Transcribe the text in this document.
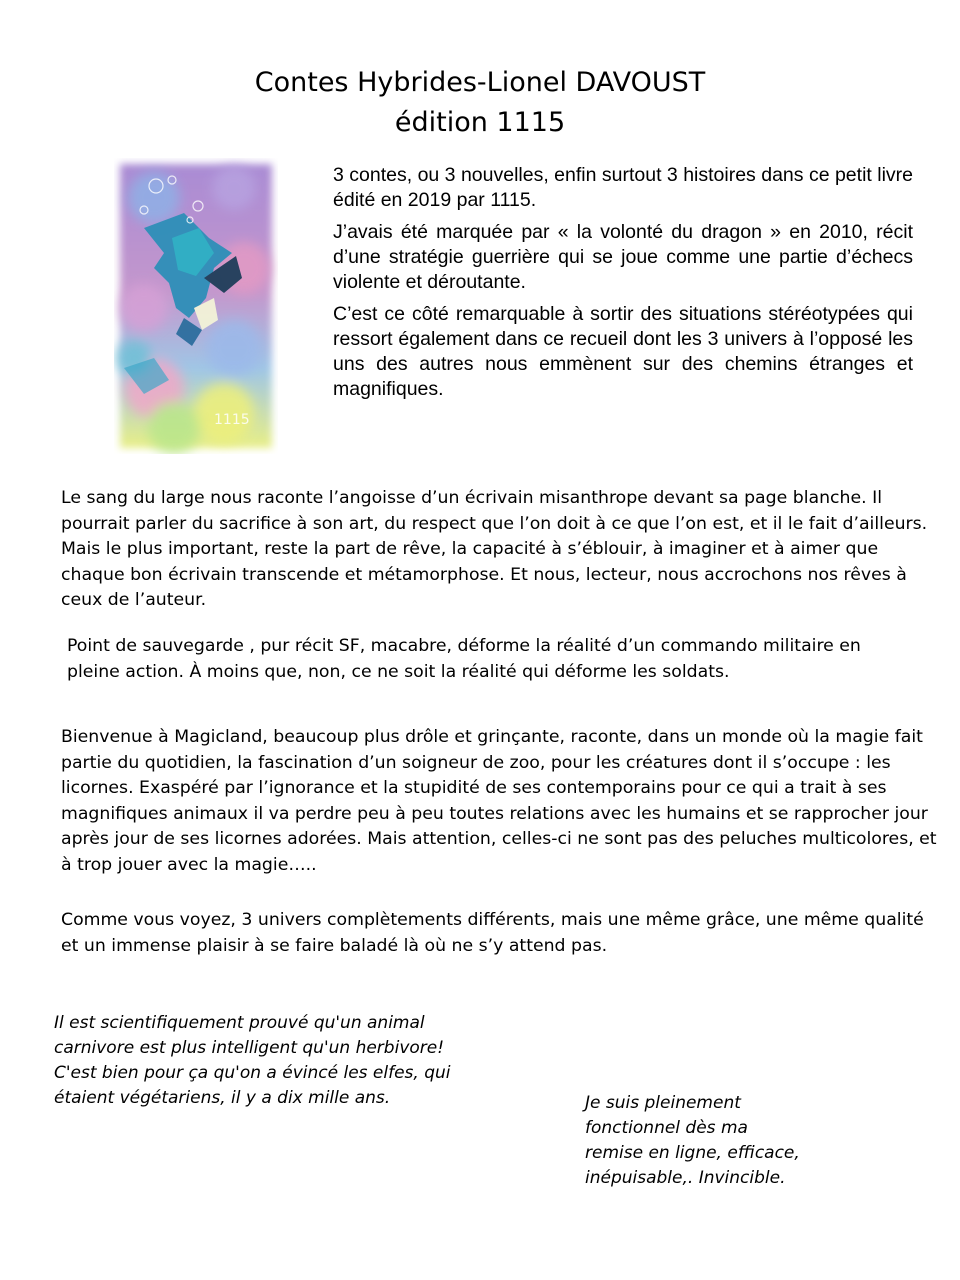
Contes Hybrides-Lionel DAVOUST
édition 1115
1115

3 contes, ou 3 nouvelles, enfin surtout 3 histoires dans ce petit livre édité en 2019 par 1115.

J’avais été marquée par « la volonté du dragon » en 2010, récit d’une stratégie guerrière qui se joue comme une partie d’échecs violente et déroutante.

C’est ce côté remarquable à sortir des situations stéréotypées qui ressort également dans ce recueil dont les 3 univers à l’opposé les uns des autres nous emmènent sur des chemins étranges et magnifiques.

Le sang du large nous raconte l’angoisse d’un écrivain misanthrope devant sa page blanche. Il pourrait parler du sacrifice à son art, du respect que l’on doit à ce que l’on est, et il le fait d’ailleurs. Mais le plus important, reste la part de rêve, la capacité à s’éblouir, à imaginer et à aimer que chaque bon écrivain transcende et métamorphose. Et nous, lecteur, nous accrochons nos rêves à ceux de l’auteur.

Point de sauvegarde , pur récit SF, macabre, déforme la réalité d’un commando militaire en pleine action. À moins que, non, ce ne soit la réalité qui déforme les soldats.

Bienvenue à Magicland, beaucoup plus drôle et grinçante, raconte, dans un monde où la magie fait partie du quotidien, la fascination d’un soigneur de zoo, pour les créatures dont il s’occupe : les licornes. Exaspéré par l’ignorance et la stupidité de ses contemporains pour ce qui a trait à ses magnifiques animaux il va perdre peu à peu toutes relations avec les humains et se rapprocher jour après jour de ses licornes adorées. Mais attention, celles-ci ne sont pas des peluches multicolores, et à trop jouer avec la magie…..

Comme vous voyez, 3 univers complètements différents, mais une même grâce, une même qualité et un immense plaisir à se faire baladé là où ne s’y attend pas.

Il est scientifiquement prouvé qu'un animal
carnivore est plus intelligent qu'un herbivore!
C'est bien pour ça qu'on a évincé les elfes, qui
étaient végétariens, il y a dix mille ans.	Je suis pleinement
fonctionnel dès ma
remise en ligne, efficace,
inépuisable,. Invincible.
